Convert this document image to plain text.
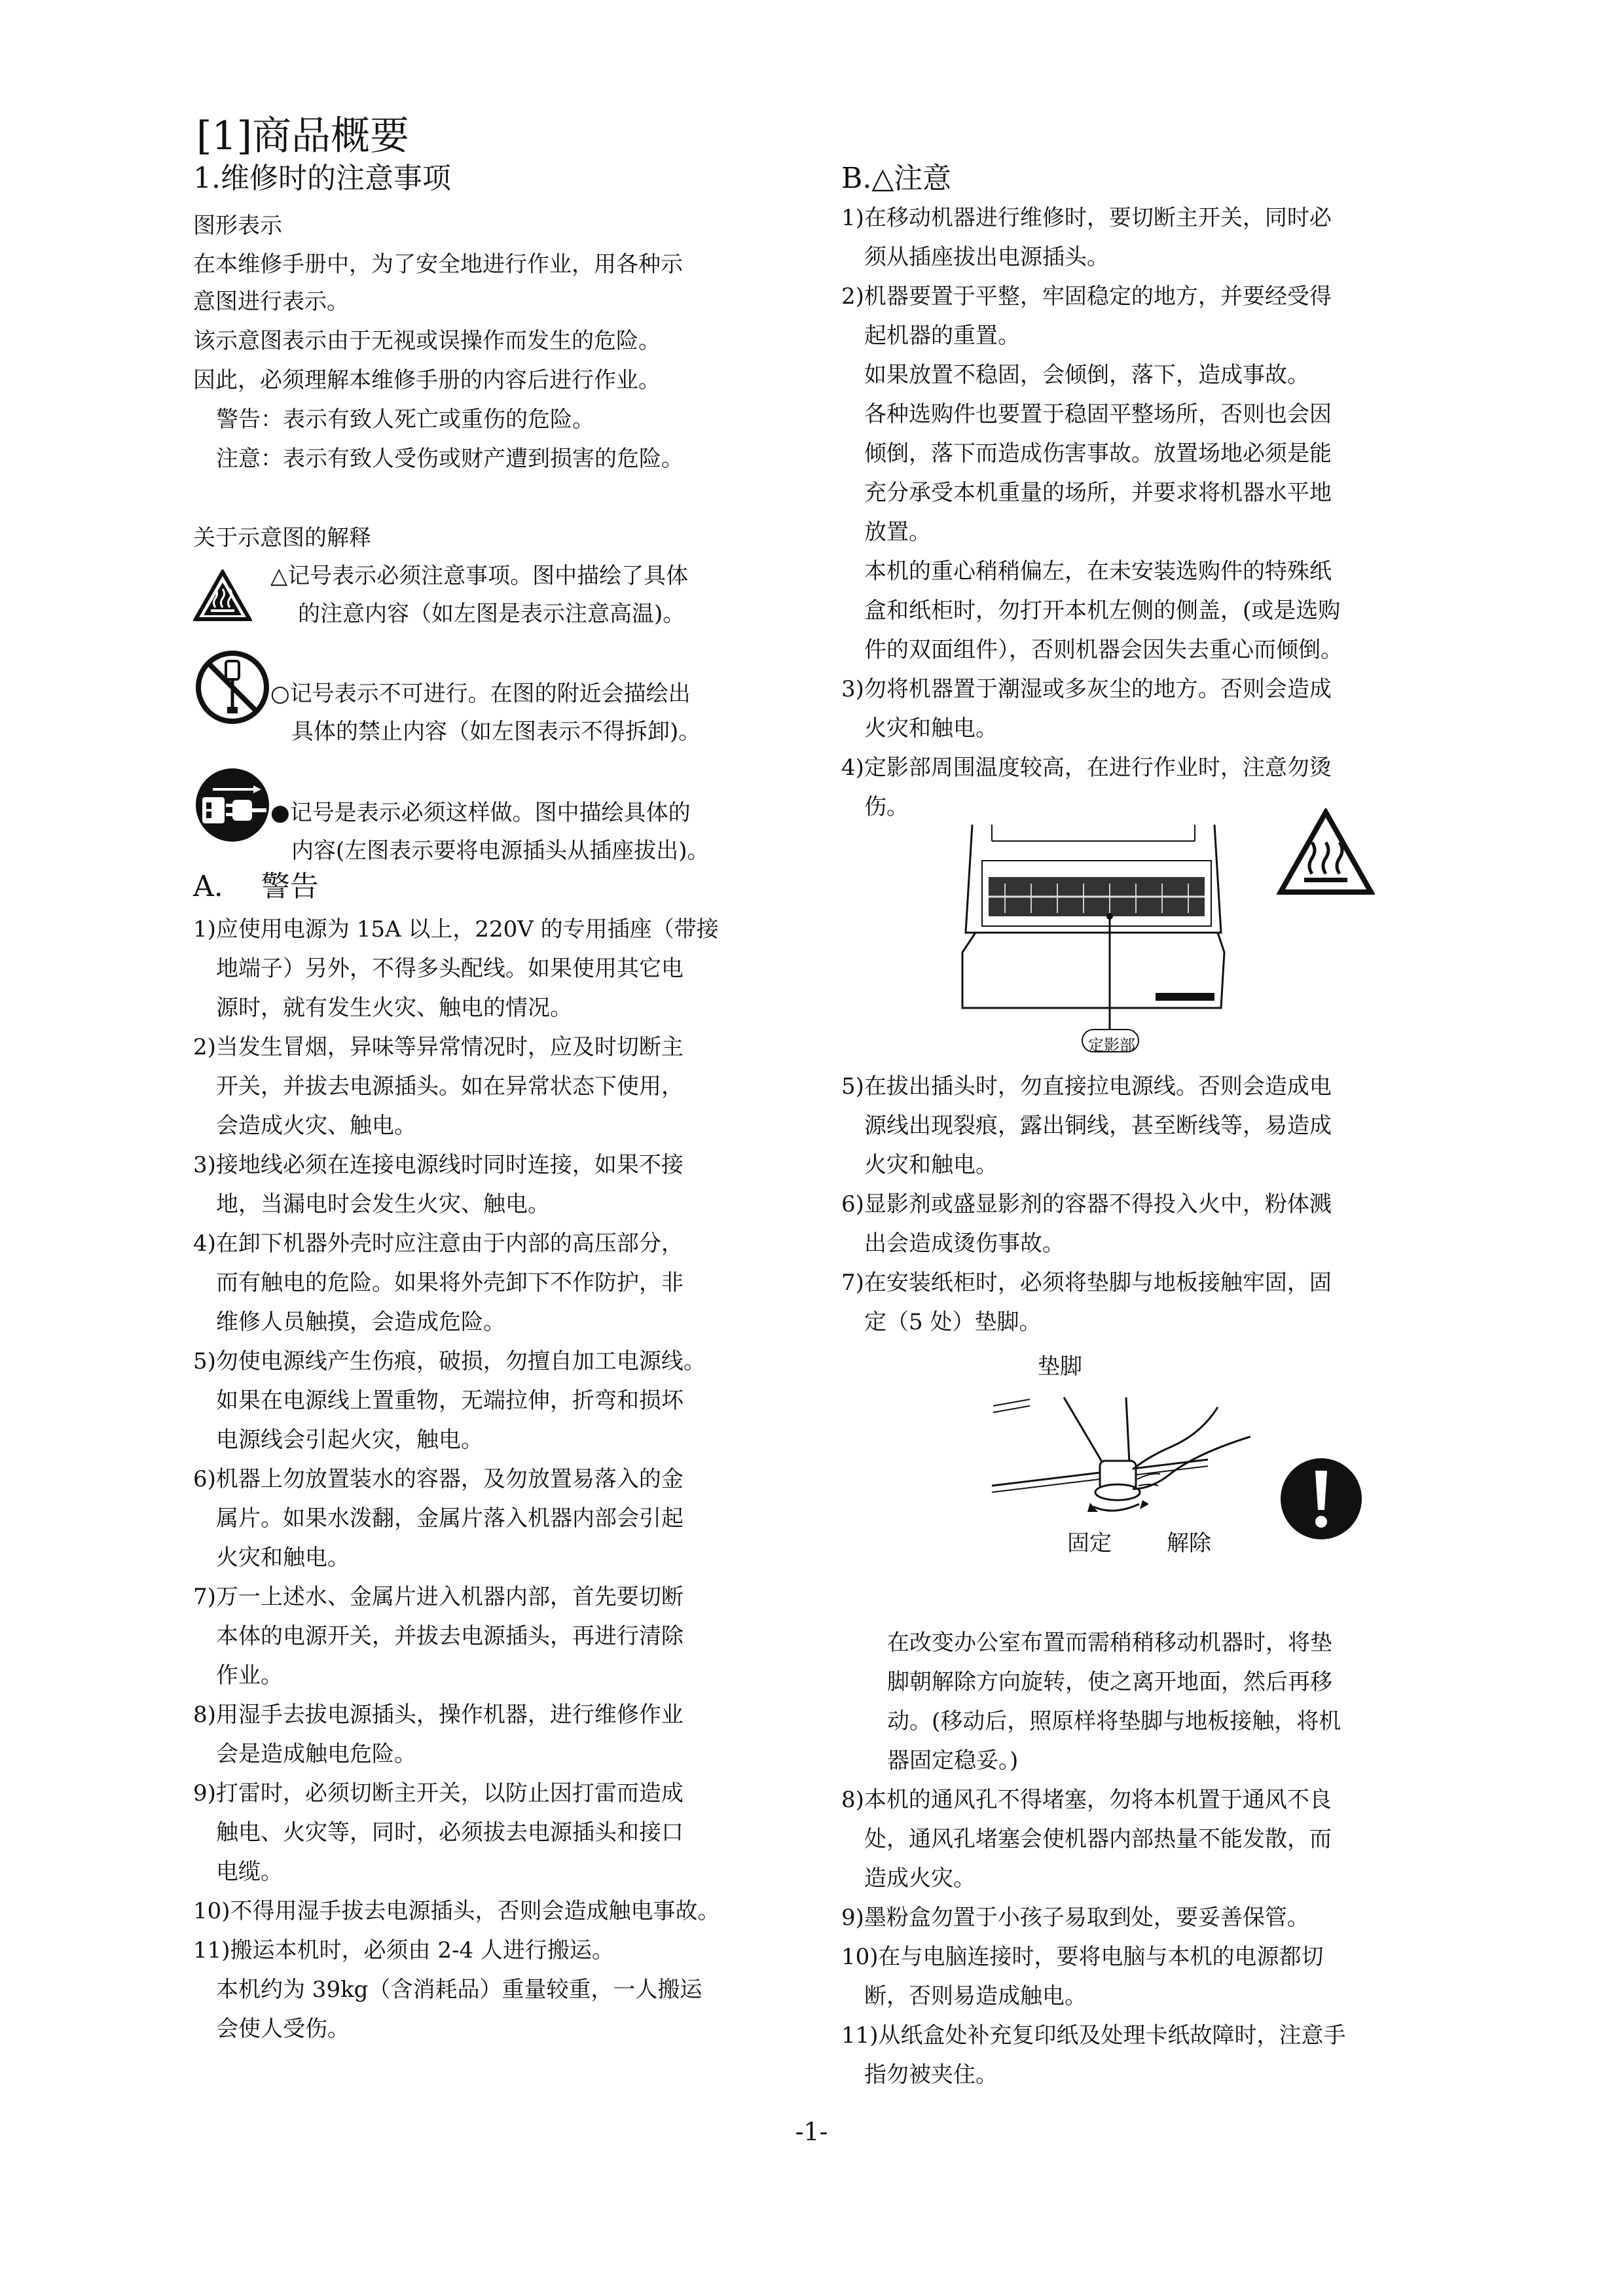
[1]商品概要
1.维修时的注意事项
图形表示
在本维修手册中，为了安全地进行作业，用各种示
意图进行表示。
该示意图表示由于无视或误操作而发生的危险。
因此，必须理解本维修手册的内容后进行作业。
警告：表示有致人死亡或重伤的危险。
注意：表示有致人受伤或财产遭到损害的危险。
关于示意图的解释
△记号表示必须注意事项。图中描绘了具体
的注意内容（如左图是表示注意高温)。
○记号表示不可进行。在图的附近会描绘出
具体的禁止内容（如左图表示不得拆卸)。
●记号是表示必须这样做。图中描绘具体的
内容(左图表示要将电源插头从插座拔出)。
A.　 警告
1)应使用电源为 15A 以上，220V 的专用插座（带接
地端子）另外，不得多头配线。如果使用其它电
源时，就有发生火灾、触电的情况。
2)当发生冒烟，异味等异常情况时，应及时切断主
开关，并拔去电源插头。如在异常状态下使用，
会造成火灾、触电。
3)接地线必须在连接电源线时同时连接，如果不接
地，当漏电时会发生火灾、触电。
4)在卸下机器外壳时应注意由于内部的高压部分，
而有触电的危险。如果将外壳卸下不作防护，非
维修人员触摸，会造成危险。
5)勿使电源线产生伤痕，破损，勿擅自加工电源线。
如果在电源线上置重物，无端拉伸，折弯和损坏
电源线会引起火灾，触电。
6)机器上勿放置装水的容器，及勿放置易落入的金
属片。如果水泼翻，金属片落入机器内部会引起
火灾和触电。
7)万一上述水、金属片进入机器内部，首先要切断
本体的电源开关，并拔去电源插头，再进行清除
作业。
8)用湿手去拔电源插头，操作机器，进行维修作业
会是造成触电危险。
9)打雷时，必须切断主开关，以防止因打雷而造成
触电、火灾等，同时，必须拔去电源插头和接口
电缆。
10)不得用湿手拔去电源插头，否则会造成触电事故。
11)搬运本机时，必须由 2-4 人进行搬运。
本机约为 39kg（含消耗品）重量较重，一人搬运
会使人受伤。
B.△注意
1)在移动机器进行维修时，要切断主开关，同时必
须从插座拔出电源插头。
2)机器要置于平整，牢固稳定的地方，并要经受得
起机器的重置。
如果放置不稳固，会倾倒，落下，造成事故。
各种选购件也要置于稳固平整场所，否则也会因
倾倒，落下而造成伤害事故。放置场地必须是能
充分承受本机重量的场所，并要求将机器水平地
放置。
本机的重心稍稍偏左，在未安装选购件的特殊纸
盒和纸柜时，勿打开本机左侧的侧盖，(或是选购
件的双面组件），否则机器会因失去重心而倾倒。
3)勿将机器置于潮湿或多灰尘的地方。否则会造成
火灾和触电。
4)定影部周围温度较高，在进行作业时，注意勿烫
伤。
定影部
5)在拔出插头时，勿直接拉电源线。否则会造成电
源线出现裂痕，露出铜线，甚至断线等，易造成
火灾和触电。
6)显影剂或盛显影剂的容器不得投入火中，粉体溅
出会造成烫伤事故。
7)在安装纸柜时，必须将垫脚与地板接触牢固，固
定（5 处）垫脚。
垫脚
固定 解除
在改变办公室布置而需稍稍移动机器时，将垫
脚朝解除方向旋转，使之离开地面，然后再移
动。(移动后，照原样将垫脚与地板接触，将机
器固定稳妥。)
8)本机的通风孔不得堵塞，勿将本机置于通风不良
处，通风孔堵塞会使机器内部热量不能发散，而
造成火灾。
9)墨粉盒勿置于小孩子易取到处，要妥善保管。
10)在与电脑连接时，要将电脑与本机的电源都切
断，否则易造成触电。
11)从纸盒处补充复印纸及处理卡纸故障时，注意手
指勿被夹住。
-1-
